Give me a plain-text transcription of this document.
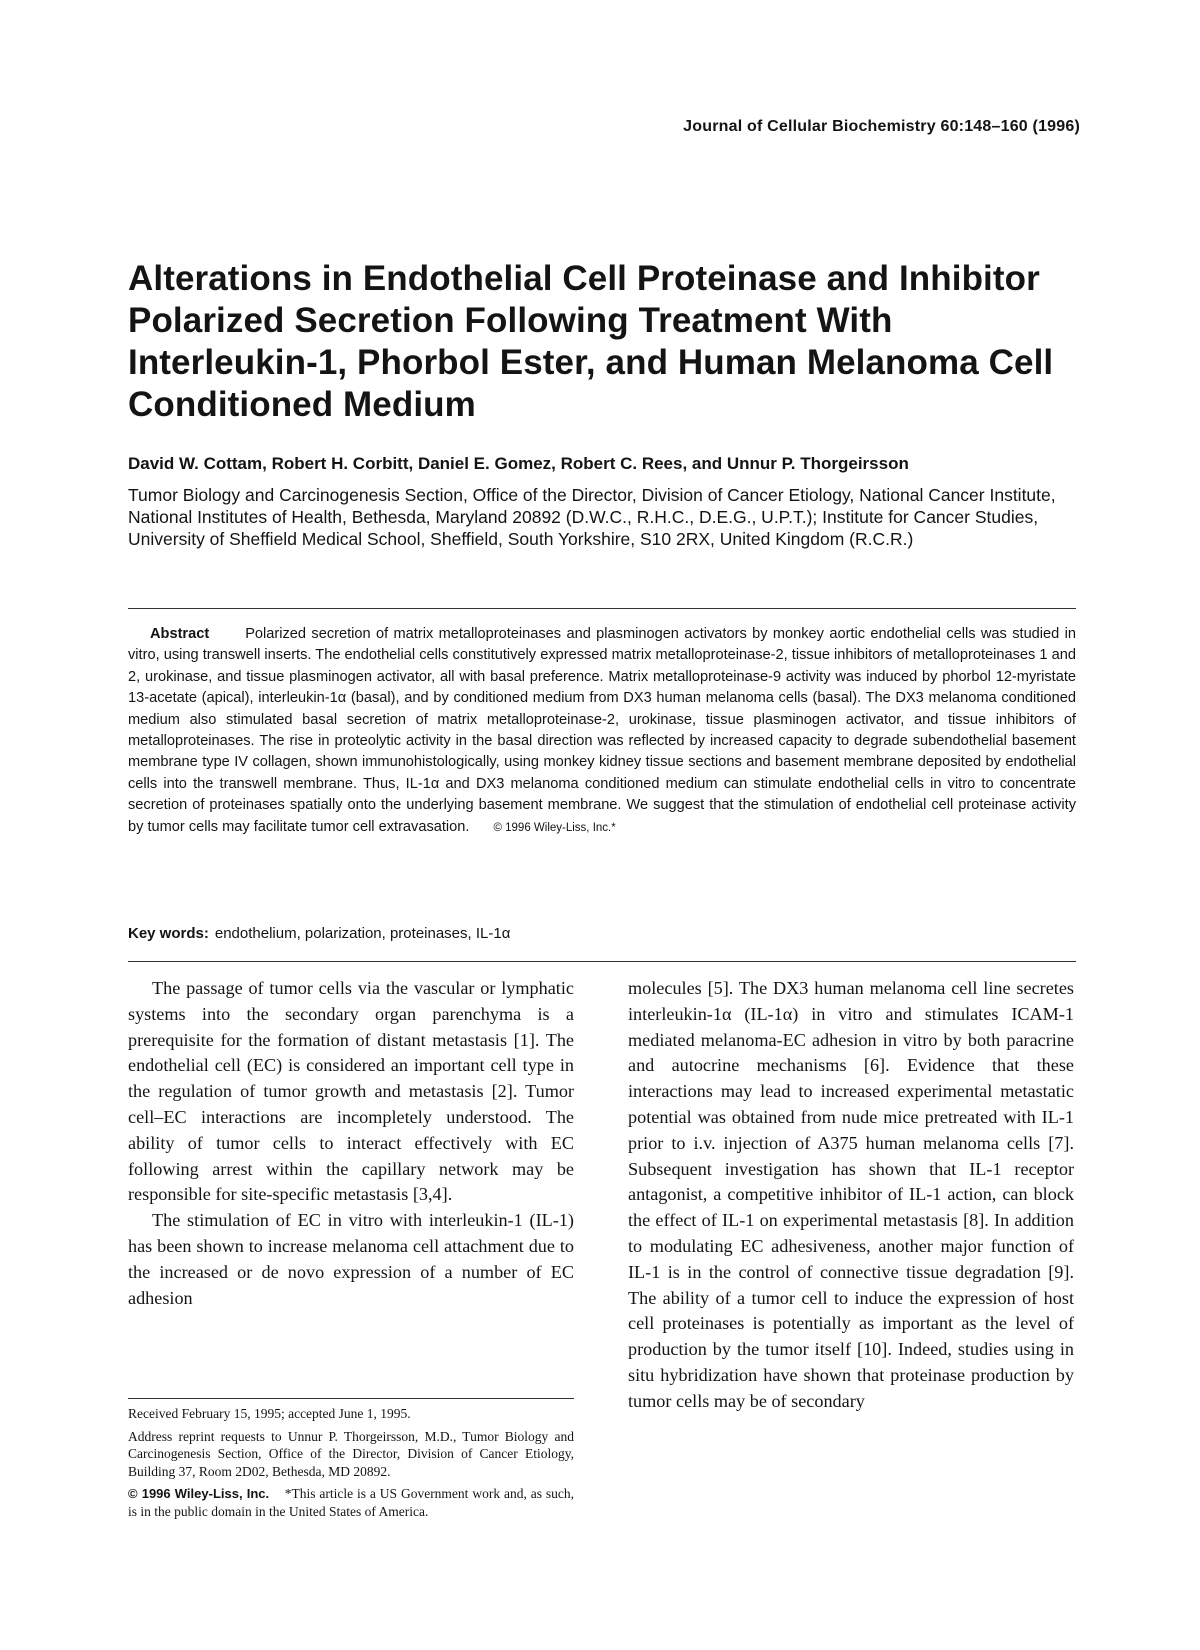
Journal of Cellular Biochemistry 60:148–160 (1996)
Alterations in Endothelial Cell Proteinase and Inhibitor Polarized Secretion Following Treatment With Interleukin-1, Phorbol Ester, and Human Melanoma Cell Conditioned Medium

David W. Cottam, Robert H. Corbitt, Daniel E. Gomez, Robert C. Rees, and Unnur P. Thorgeirsson

Tumor Biology and Carcinogenesis Section, Office of the Director, Division of Cancer Etiology, National Cancer Institute, National Institutes of Health, Bethesda, Maryland 20892 (D.W.C., R.H.C., D.E.G., U.P.T.); Institute for Cancer Studies, University of Sheffield Medical School, Sheffield, South Yorkshire, S10 2RX, United Kingdom (R.C.R.)

Abstract Polarized secretion of matrix metalloproteinases and plasminogen activators by monkey aortic endothelial cells was studied in vitro, using transwell inserts. The endothelial cells constitutively expressed matrix metalloproteinase-2, tissue inhibitors of metalloproteinases 1 and 2, urokinase, and tissue plasminogen activator, all with basal preference. Matrix metalloproteinase-9 activity was induced by phorbol 12-myristate 13-acetate (apical), interleukin-1α (basal), and by conditioned medium from DX3 human melanoma cells (basal). The DX3 melanoma conditioned medium also stimulated basal secretion of matrix metalloproteinase-2, urokinase, tissue plasminogen activator, and tissue inhibitors of metalloproteinases. The rise in proteolytic activity in the basal direction was reflected by increased capacity to degrade subendothelial basement membrane type IV collagen, shown immunohistologically, using monkey kidney tissue sections and basement membrane deposited by endothelial cells into the transwell membrane. Thus, IL-1α and DX3 melanoma conditioned medium can stimulate endothelial cells in vitro to concentrate secretion of proteinases spatially onto the underlying basement membrane. We suggest that the stimulation of endothelial cell proteinase activity by tumor cells may facilitate tumor cell extravasation. © 1996 Wiley-Liss, Inc.*

Key words: endothelium, polarization, proteinases, IL-1α

The passage of tumor cells via the vascular or lymphatic systems into the secondary organ parenchyma is a prerequisite for the formation of distant metastasis [1]. The endothelial cell (EC) is considered an important cell type in the regulation of tumor growth and metastasis [2]. Tumor cell–EC interactions are incompletely understood. The ability of tumor cells to interact effectively with EC following arrest within the capillary network may be responsible for site-specific metastasis [3,4].

The stimulation of EC in vitro with interleukin-1 (IL-1) has been shown to increase melanoma cell attachment due to the increased or de novo expression of a number of EC adhesion

molecules [5]. The DX3 human melanoma cell line secretes interleukin-1α (IL-1α) in vitro and stimulates ICAM-1 mediated melanoma-EC adhesion in vitro by both paracrine and autocrine mechanisms [6]. Evidence that these interactions may lead to increased experimental metastatic potential was obtained from nude mice pretreated with IL-1 prior to i.v. injection of A375 human melanoma cells [7]. Subsequent investigation has shown that IL-1 receptor antagonist, a competitive inhibitor of IL-1 action, can block the effect of IL-1 on experimental metastasis [8]. In addition to modulating EC adhesiveness, another major function of IL-1 is in the control of connective tissue degradation [9]. The ability of a tumor cell to induce the expression of host cell proteinases is potentially as important as the level of production by the tumor itself [10]. Indeed, studies using in situ hybridization have shown that proteinase production by tumor cells may be of secondary

Received February 15, 1995; accepted June 1, 1995.

Address reprint requests to Unnur P. Thorgeirsson, M.D., Tumor Biology and Carcinogenesis Section, Office of the Director, Division of Cancer Etiology, Building 37, Room 2D02, Bethesda, MD 20892.

© 1996 Wiley-Liss, Inc. *This article is a US Government work and, as such, is in the public domain in the United States of America.
